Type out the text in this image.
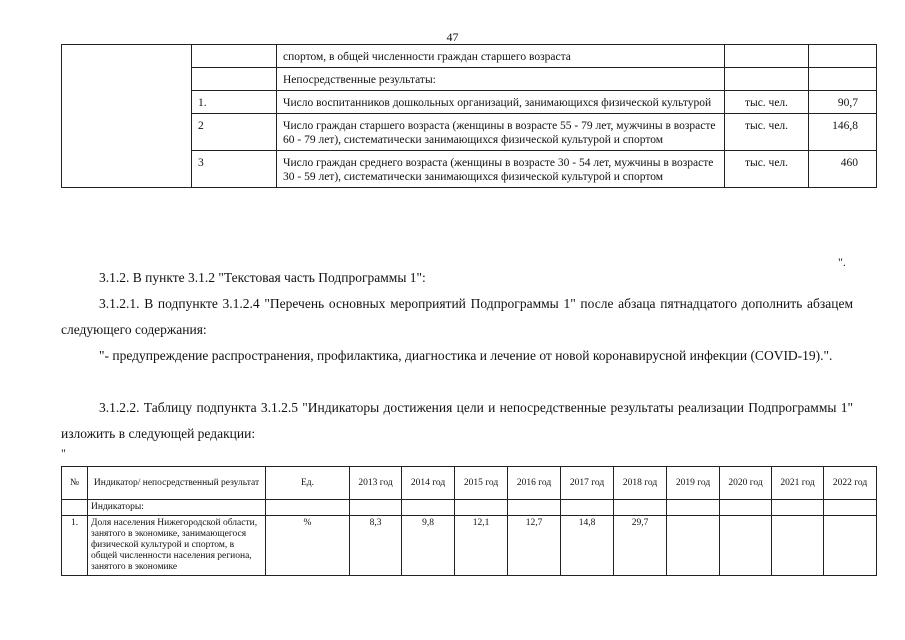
47
		спортом, в общей численности граждан старшего возраста		
		Непосредственные результаты:		
	1.	Число воспитанников дошкольных организаций, занимающихся физической культурой	тыс. чел.	90,7
	2	Число граждан старшего возраста (женщины в возрасте 55 - 79 лет, мужчины в возрасте 60 - 79 лет), систематически занимающихся физической культурой и спортом	тыс. чел.	146,8
	3	Число граждан среднего возраста (женщины в возрасте 30 - 54 лет, мужчины в возрасте 30 - 59 лет), систематически занимающихся физической культурой и спортом	тыс. чел.	460
".
3.1.2. В пункте 3.1.2 "Текстовая часть Подпрограммы 1":
3.1.2.1. В подпункте 3.1.2.4 "Перечень основных мероприятий Подпрограммы 1" после абзаца пятнадцатого дополнить абзацем следующего содержания:
"- предупреждение распространения, профилактика, диагностика и лечение от новой коронавирусной инфекции (COVID-19).".
3.1.2.2. Таблицу подпункта 3.1.2.5 "Индикаторы достижения цели и непосредственные результаты реализации Подпрограммы 1" изложить в следующей редакции:
"
№	Индикатор/ непосредственный результат	Ед.	2013 год	2014 год	2015 год	2016 год	2017 год	2018 год	2019 год	2020 год	2021 год	2022 год
	Индикаторы:											
1.	Доля населения Нижегородской области, занятого в экономике, занимающегося физической культурой и спортом, в общей численности населения региона, занятого в экономике	%	8,3	9,8	12,1	12,7	14,8	29,7				
